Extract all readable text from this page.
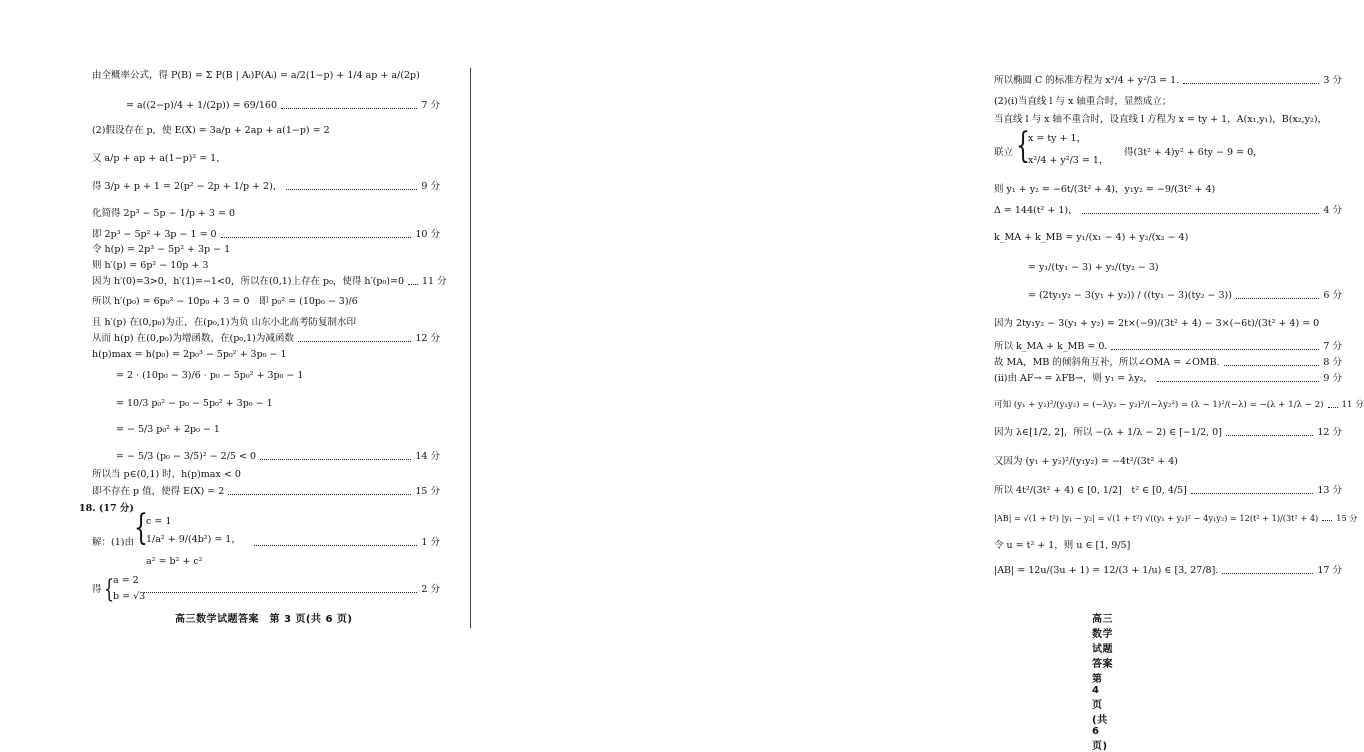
由全概率公式，得 P(B) = Σ P(B | Aᵢ)P(Aᵢ) = a/2(1−p) + 1/4 ap + a/(2p)
= a((2−p)/4 + 1/(2p)) = 69/160	7 分
(2)假设存在 p，使 E(X) = 3a/p + 2ap + a(1−p) = 2
又 a/p + ap + a(1−p)² = 1，
得 3/p + p + 1 = 2(p² − 2p + 1/p + 2)，	9 分
化简得 2p³ − 5p − 1/p + 3 = 0
即 2p³ − 5p² + 3p − 1 = 0	10 分
令 h(p) = 2p³ − 5p² + 3p − 1
则 h′(p) = 6p² − 10p + 3
因为 h′(0)=3>0，h′(1)=−1<0，所以在(0,1)上存在 p₀，使得 h′(p₀)=0 11 分
所以 h′(p₀) = 6p₀² − 10p₀ + 3 = 0　即 p₀² = (10p₀ − 3)/6
且 h′(p) 在(0,p₀)为正，在(p₀,1)为负 山东小北高考防复制水印
从而 h(p) 在(0,p₀)为增函数，在(p₀,1)为减函数	12 分
h(p)max = h(p₀) = 2p₀³ − 5p₀² + 3p₀ − 1
= 2 · (10p₀ − 3)/6 · p₀ − 5p₀² + 3p₀ − 1
= 10/3 p₀² − p₀ − 5p₀² + 3p₀ − 1
= − 5/3 p₀² + 2p₀ − 1
= − 5/3 (p₀ − 3/5)² − 2/5 < 0	14 分
所以当 p∈(0,1) 时，h(p)max < 0
即不存在 p 值，使得 E(X) = 2	15 分
18. (17 分)
解：(1)由 {
c = 1
1/a² + 9/(4b²) = 1，
a² = b² + c²
1 分
得 {
a = 2
b = √3
2 分
高三数学试题答案　第 3 页(共 6 页)
所以椭圆 C 的标准方程为 x²/4 + y²/3 = 1.	3 分
(2)(ⅰ)当直线 l 与 x 轴重合时，显然成立；
当直线 l 与 x 轴不重合时，设直线 l 方程为 x = ty + 1，A(x₁,y₁)，B(x₂,y₂)，
联立 {
x = ty + 1，
x²/4 + y²/3 = 1，
得(3t² + 4)y² + 6ty − 9 = 0，
则 y₁ + y₂ = −6t/(3t² + 4)，y₁y₂ = −9/(3t² + 4)
Δ = 144(t² + 1)，	4 分
k_MA + k_MB = y₁/(x₁ − 4) + y₂/(x₂ − 4)
= y₁/(ty₁ − 3) + y₂/(ty₂ − 3)
= (2ty₁y₂ − 3(y₁ + y₂)) / ((ty₁ − 3)(ty₂ − 3))	6 分
因为 2ty₁y₂ − 3(y₁ + y₂) = 2t×(−9)/(3t² + 4) − 3×(−6t)/(3t² + 4) = 0
所以 k_MA + k_MB = 0.	7 分
故 MA，MB 的倾斜角互补，所以∠OMA = ∠OMB.	8 分
(ⅱ)由 AF→ = λFB→，则 y₁ = λy₂，	9 分
可知 (y₁ + y₂)²/(y₁y₂) = (−λy₂ − y₂)²/(−λy₂²) = (λ − 1)²/(−λ) = −(λ + 1/λ − 2) 11 分
因为 λ∈[1/2, 2]，所以 −(λ + 1/λ − 2) ∈ [−1/2, 0]	12 分
又因为 (y₁ + y₂)²/(y₁y₂) = −4t²/(3t² + 4)
所以 4t²/(3t² + 4) ∈ [0, 1/2]　t² ∈ [0, 4/5]	13 分
|AB| = √(1 + t²) |y₁ − y₂| = √(1 + t²) √((y₁ + y₂)² − 4y₁y₂) = 12(t² + 1)/(3t² + 4) 15 分
令 u = t² + 1，则 u ∈ [1, 9/5]
|AB| = 12u/(3u + 1) = 12/(3 + 1/u) ∈ [3, 27/8].	17 分
高三数学试题答案　第 4 页(共 6 页)
